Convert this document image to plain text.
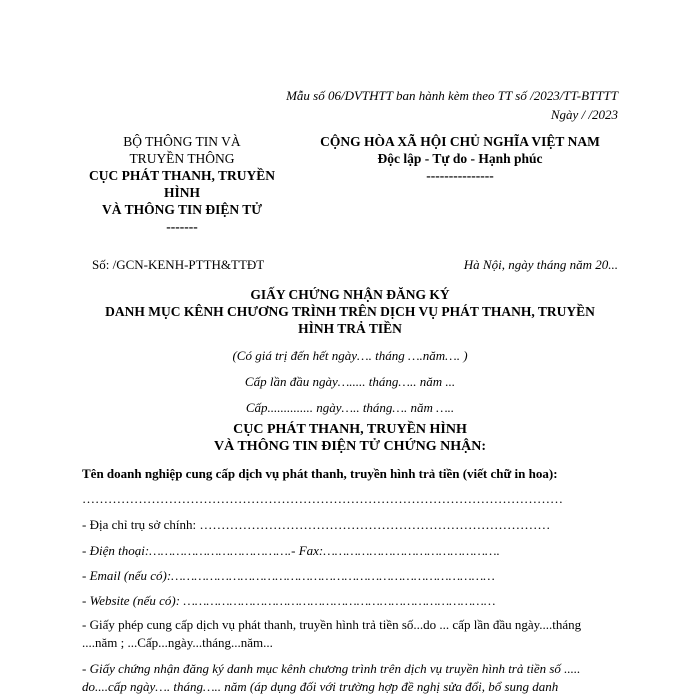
Mẫu số 06/DVTHTT ban hành kèm theo TT số /2023/TT-BTTTT
Ngày / /2023
BỘ THÔNG TIN VÀ
TRUYỀN THÔNG
CỤC PHÁT THANH, TRUYỀN
HÌNH
VÀ THÔNG TIN ĐIỆN TỬ
-------
CỘNG HÒA XÃ HỘI CHỦ NGHĨA VIỆT NAM
Độc lập - Tự do - Hạnh phúc
---------------
Số: /GCN-KENH-PTTH&TTĐT	Hà Nội, ngày tháng năm 20...
GIẤY CHỨNG NHẬN ĐĂNG KÝ
DANH MỤC KÊNH CHƯƠNG TRÌNH TRÊN DỊCH VỤ PHÁT THANH, TRUYỀN
HÌNH TRẢ TIỀN
(Có giá trị đến hết ngày…. tháng ….năm…. )
Cấp lần đầu ngày…..... tháng….. năm ...
Cấp.............. ngày….. tháng…. năm …..
CỤC PHÁT THANH, TRUYỀN HÌNH
VÀ THÔNG TIN ĐIỆN TỬ CHỨNG NHẬN:
Tên doanh nghiệp cung cấp dịch vụ phát thanh, truyền hình trả tiền (viết chữ in hoa):
…………………………………………………………………………………………………
- Địa chỉ trụ sở chính: ………………………………………………………………………
- Điện thoại:……………………………….- Fax:……………………………………….
- Email (nếu có):…………………………………………………………………………
- Website (nếu có): ………………………………………………………………………
- Giấy phép cung cấp dịch vụ phát thanh, truyền hình trả tiền số...do ... cấp lần đầu ngày....tháng ....năm ; ...Cấp...ngày...tháng...năm...
- Giấy chứng nhận đăng ký danh mục kênh chương trình trên dịch vụ truyền hình trả tiền số ..... do....cấp ngày…. tháng….. năm (áp dụng đối với trường hợp đề nghị sửa đổi, bổ sung danh
